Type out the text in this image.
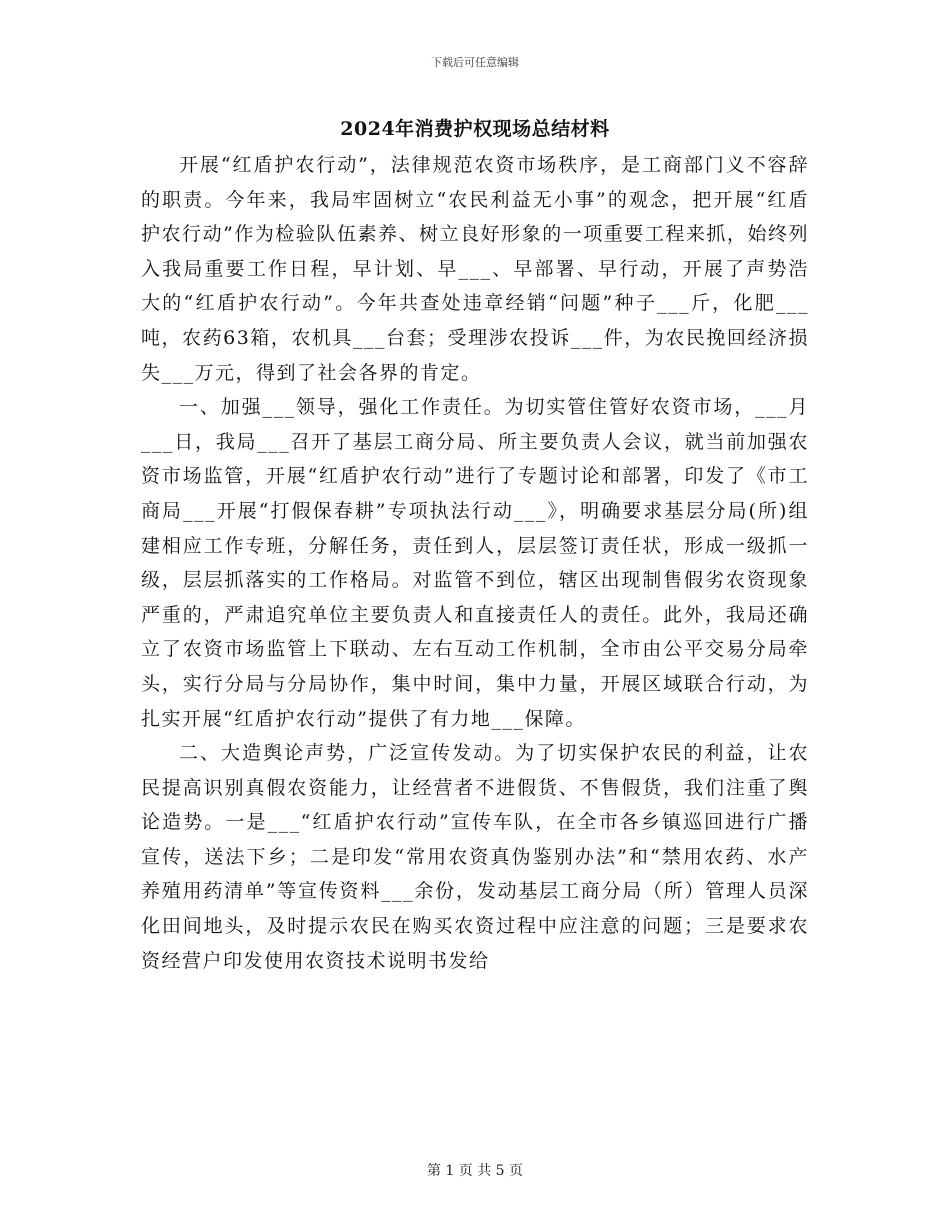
下载后可任意编辑
2024年消费护权现场总结材料

开展“红盾护农行动”，法律规范农资市场秩序，是工商部门义不容辞的职责。今年来，我局牢固树立“农民利益无小事”的观念，把开展“红盾护农行动”作为检验队伍素养、树立良好形象的一项重要工程来抓，始终列入我局重要工作日程，早计划、早___、早部署、早行动，开展了声势浩大的“红盾护农行动”。今年共查处违章经销“问题”种子___斤，化肥___吨，农药63箱，农机具___台套；受理涉农投诉___件，为农民挽回经济损失___万元，得到了社会各界的肯定。

一、加强___领导，强化工作责任。为切实管住管好农资市场，___月___日，我局___召开了基层工商分局、所主要负责人会议，就当前加强农资市场监管，开展“红盾护农行动”进行了专题讨论和部署，印发了《市工商局___开展“打假保春耕”专项执法行动___》，明确要求基层分局(所)组建相应工作专班，分解任务，责任到人，层层签订责任状，形成一级抓一级，层层抓落实的工作格局。对监管不到位，辖区出现制售假劣农资现象严重的，严肃追究单位主要负责人和直接责任人的责任。此外，我局还确立了农资市场监管上下联动、左右互动工作机制，全市由公平交易分局牵头，实行分局与分局协作，集中时间，集中力量，开展区域联合行动，为扎实开展“红盾护农行动”提供了有力地___保障。

二、大造舆论声势，广泛宣传发动。为了切实保护农民的利益，让农民提高识别真假农资能力，让经营者不进假货、不售假货，我们注重了舆论造势。一是___“红盾护农行动”宣传车队，在全市各乡镇巡回进行广播宣传，送法下乡；二是印发“常用农资真伪鉴别办法”和“禁用农药、水产养殖用药清单”等宣传资料___余份，发动基层工商分局（所）管理人员深化田间地头，及时提示农民在购买农资过程中应注意的问题；三是要求农资经营户印发使用农资技术说明书发给

第 1 页 共 5 页
